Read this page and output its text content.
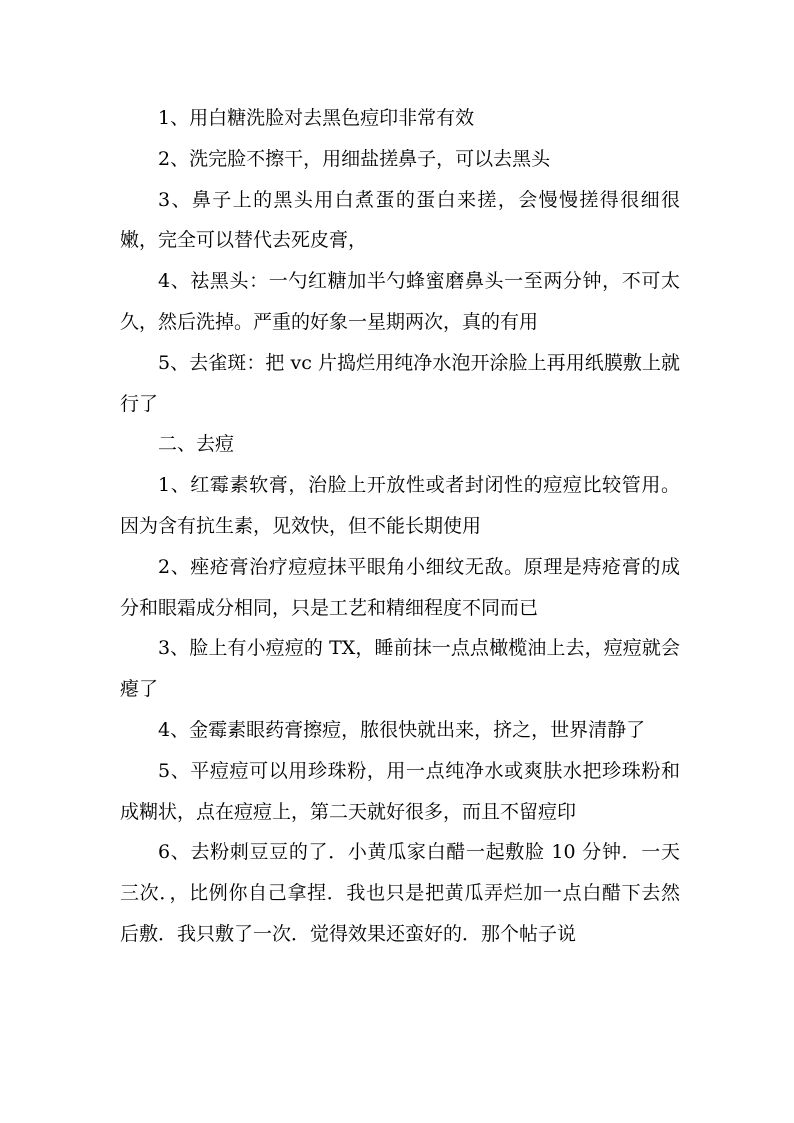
1、用白糖洗脸对去黑色痘印非常有效

2、洗完脸不擦干，用细盐搓鼻子，可以去黑头

3、鼻子上的黑头用白煮蛋的蛋白来搓，会慢慢搓得很细很嫩，完全可以替代去死皮膏，

4、祛黑头：一勺红糖加半勺蜂蜜磨鼻头一至两分钟，不可太久，然后洗掉。严重的好象一星期两次，真的有用

5、去雀斑：把 vc 片捣烂用纯净水泡开涂脸上再用纸膜敷上就行了

二、去痘

1、红霉素软膏，治脸上开放性或者封闭性的痘痘比较管用。因为含有抗生素，见效快，但不能长期使用

2、痤疮膏治疗痘痘抹平眼角小细纹无敌。原理是痔疮膏的成分和眼霜成分相同，只是工艺和精细程度不同而已

3、脸上有小痘痘的 TX，睡前抹一点点橄榄油上去，痘痘就会瘪了

4、金霉素眼药膏擦痘，脓很快就出来，挤之，世界清静了

5、平痘痘可以用珍珠粉，用一点纯净水或爽肤水把珍珠粉和成糊状，点在痘痘上，第二天就好很多，而且不留痘印

6、去粉刺豆豆的了．小黄瓜家白醋一起敷脸 10 分钟．一天三次．，比例你自己拿捏．我也只是把黄瓜弄烂加一点白醋下去然后敷．我只敷了一次．觉得效果还蛮好的．那个帖子说
